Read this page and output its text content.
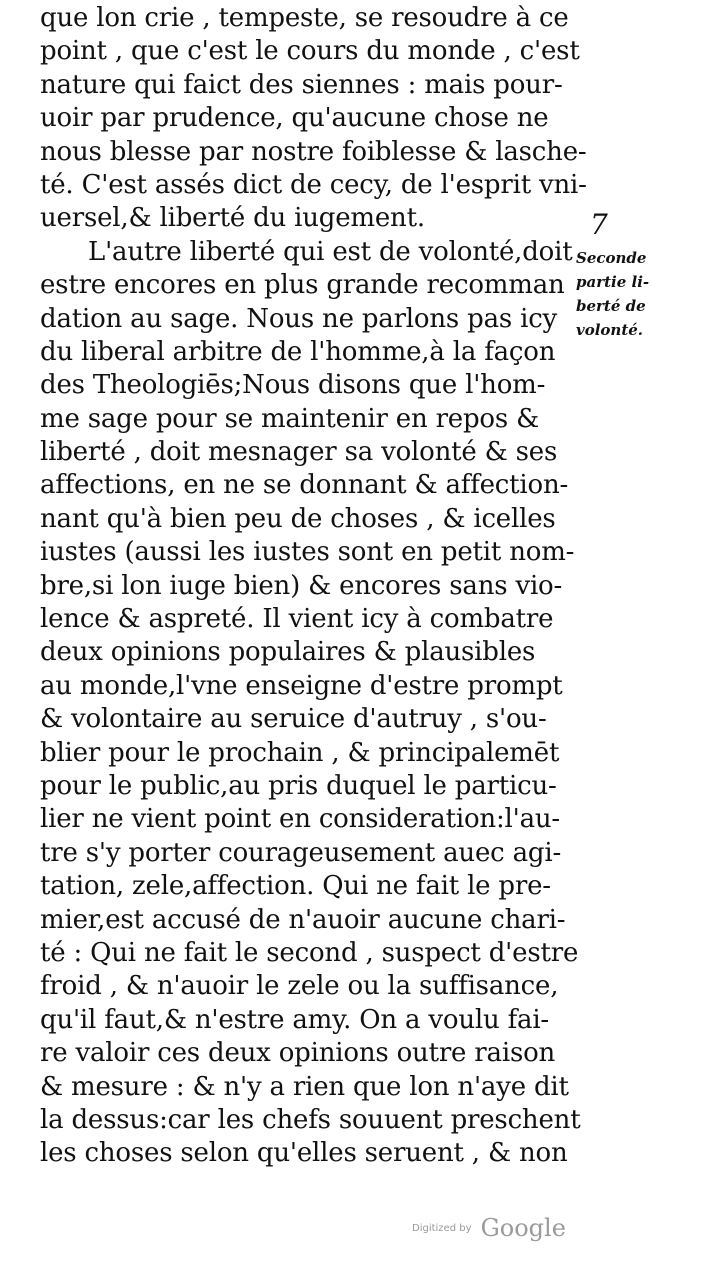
que lon crie , tempeste, se resoudre à ce
point , que c'est le cours du monde , c'est
nature qui faict des siennes : mais pour-
uoir par prudence, qu'aucune chose ne
nous blesse par nostre foiblesse & lasche-
té. C'est assés dict de cecy, de l'esprit vni-
uersel,& liberté du iugement.
L'autre liberté qui est de volonté,doit
estre encores en plus grande recomman
dation au sage. Nous ne parlons pas icy
du liberal arbitre de l'homme,à la façon
des Theologiēs;Nous disons que l'hom-
me sage pour se maintenir en repos &
liberté , doit mesnager sa volonté & ses
affections, en ne se donnant & affection-
nant qu'à bien peu de choses , & icelles
iustes (aussi les iustes sont en petit nom-
bre,si lon iuge bien) & encores sans vio-
lence & aspreté. Il vient icy à combatre
deux opinions populaires & plausibles
au monde,l'vne enseigne d'estre prompt
& volontaire au seruice d'autruy , s'ou-
blier pour le prochain , & principalemēt
pour le public,au pris duquel le particu-
lier ne vient point en consideration:l'au-
tre s'y porter courageusement auec agi-
tation, zele,affection. Qui ne fait le pre-
mier,est accusé de n'auoir aucune chari-
té : Qui ne fait le second , suspect d'estre
froid , & n'auoir le zele ou la suffisance,
qu'il faut,& n'estre amy. On a voulu fai-
re valoir ces deux opinions outre raison
& mesure : & n'y a rien que lon n'aye dit
la dessus:car les chefs souuent preschent
les choses selon qu'elles seruent , & non
7
Seconde
partie li-
berté de
volonté.
Digitized by Google
